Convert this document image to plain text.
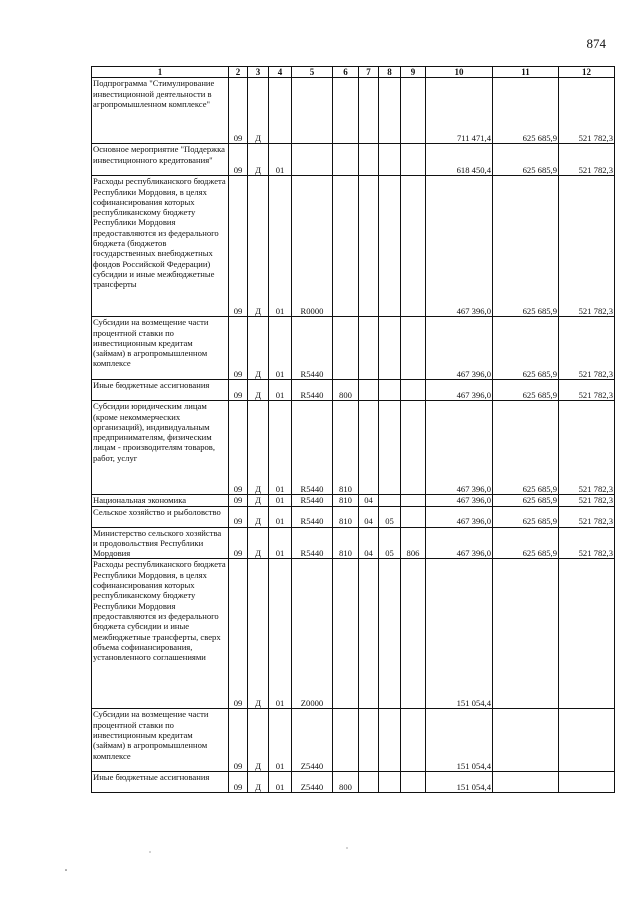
874
1	2	3	4	5	6	7	8	9	10	11	12
Подпрограмма "Стимулирование инвестиционной деятельности в агропромышленном комплексе"	09	Д							711 471,4	625 685,9	521 782,3
Основное мероприятие "Поддержка инвестиционного кредитования"	09	Д	01						618 450,4	625 685,9	521 782,3
Расходы республиканского бюджета Республики Мордовия, в целях софинансирования которых республиканскому бюджету Республики Мордовия предоставляются из федерального бюджета (бюджетов государственных внебюджетных фондов Российской Федерации) субсидии и иные межбюджетные трансферты	09	Д	01	R0000					467 396,0	625 685,9	521 782,3
Субсидии на возмещение части процентной ставки по инвестиционным кредитам (займам) в агропромышленном комплексе	09	Д	01	R5440					467 396,0	625 685,9	521 782,3
Иные бюджетные ассигнования	09	Д	01	R5440	800				467 396,0	625 685,9	521 782,3
Субсидии юридическим лицам (кроме некоммерческих организаций), индивидуальным предпринимателям, физическим лицам - производителям товаров, работ, услуг	09	Д	01	R5440	810				467 396,0	625 685,9	521 782,3
Национальная экономика	09	Д	01	R5440	810	04			467 396,0	625 685,9	521 782,3
Сельское хозяйство и рыболовство	09	Д	01	R5440	810	04	05		467 396,0	625 685,9	521 782,3
Министерство сельского хозяйства и продовольствия Республики Мордовия	09	Д	01	R5440	810	04	05	806	467 396,0	625 685,9	521 782,3
Расходы республиканского бюджета Республики Мордовия, в целях софинансирования которых республиканскому бюджету Республики Мордовия предоставляются из федерального бюджета субсидии и иные межбюджетные трансферты, сверх объема софинансирования, установленного соглашениями	09	Д	01	Z0000					151 054,4		
Субсидии на возмещение части процентной ставки по инвестиционным кредитам (займам) в агропромышленном комплексе	09	Д	01	Z5440					151 054,4		
Иные бюджетные ассигнования	09	Д	01	Z5440	800				151 054,4		
